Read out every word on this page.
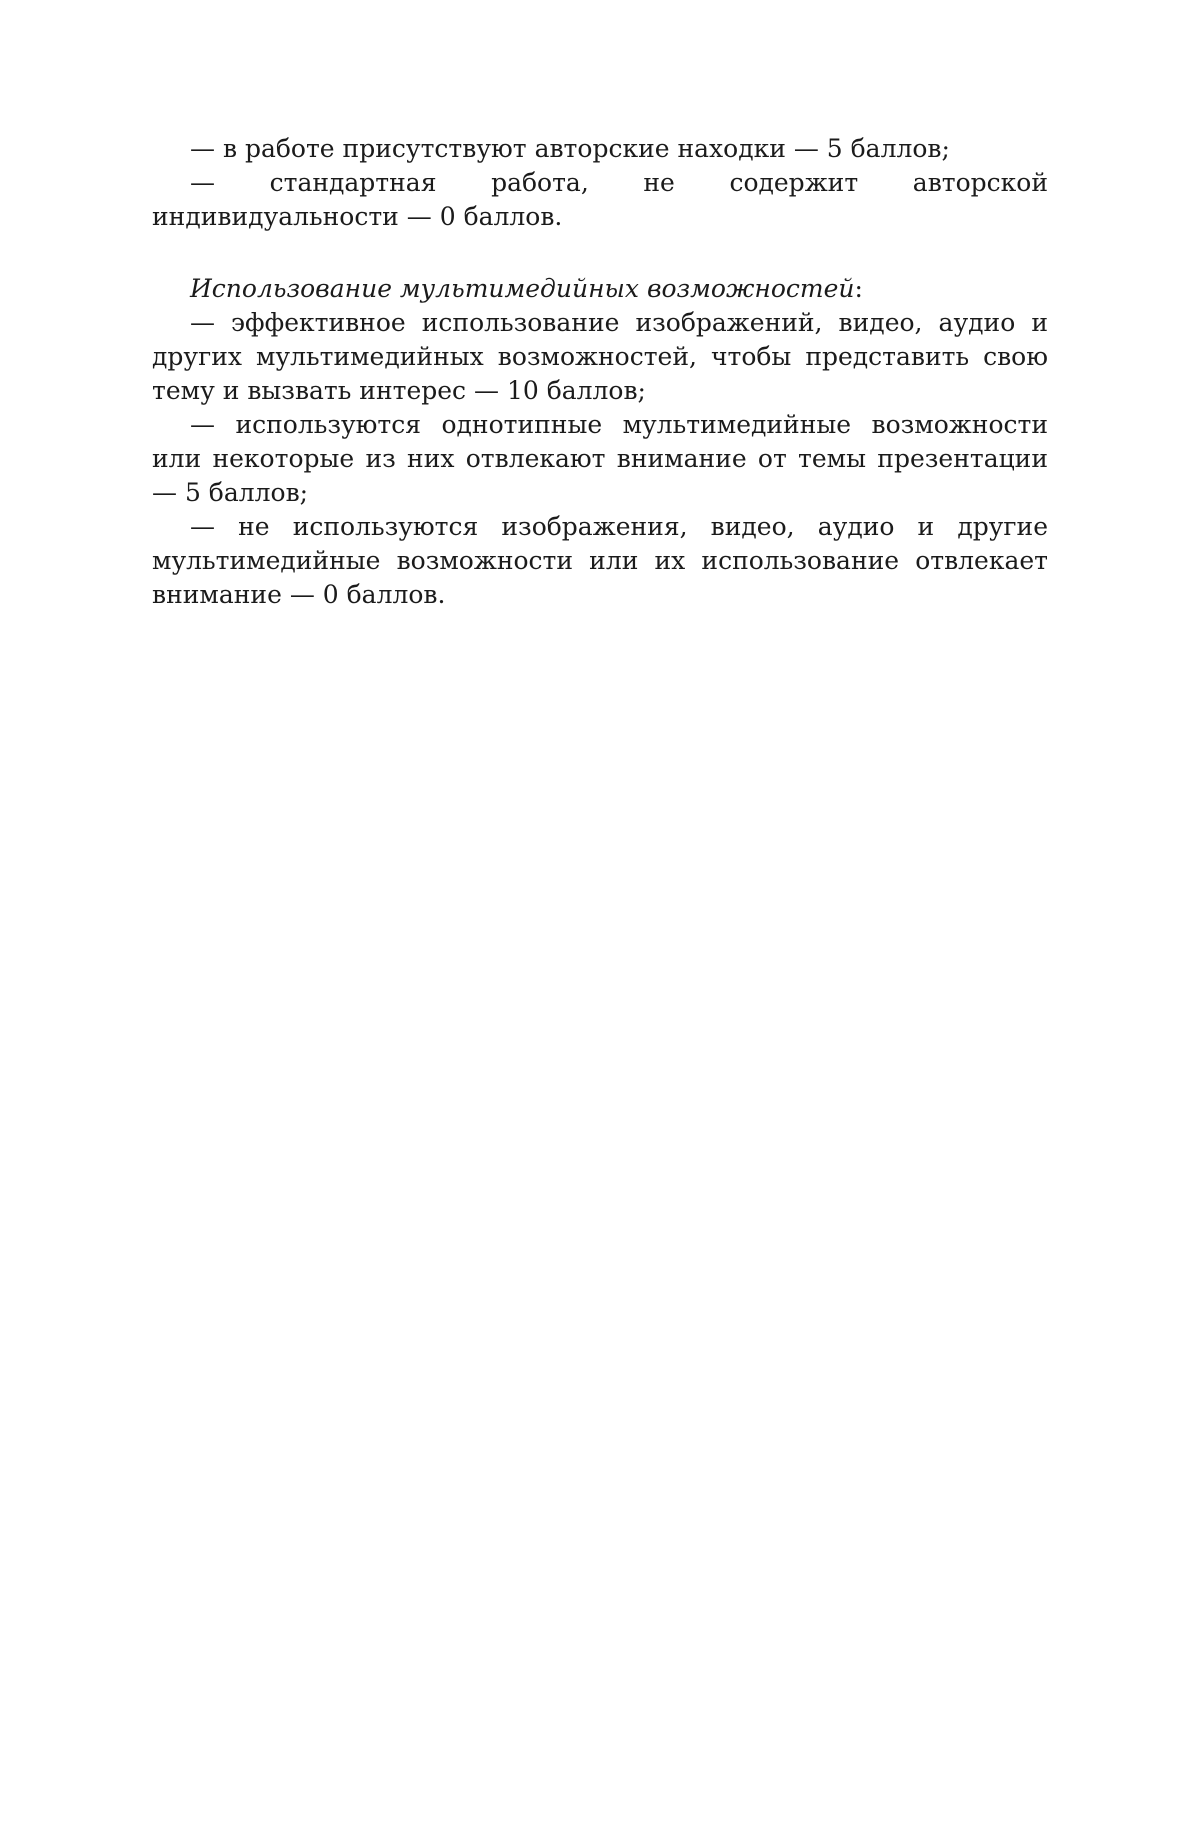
— в работе присутствуют авторские находки — 5 баллов;

— стандартная работа, не содержит авторской индивидуальности — 0 баллов.

Использование мультимедийных возможностей:

— эффективное использование изображений, видео, аудио и других мультимедийных возможностей, чтобы представить свою тему и вызвать интерес — 10 баллов;

— используются однотипные мультимедийные возможности или некоторые из них отвлекают внимание от темы презентации — 5 баллов;

— не используются изображения, видео, аудио и другие мультимедийные возможности или их использование отвлекает внимание — 0 баллов.
